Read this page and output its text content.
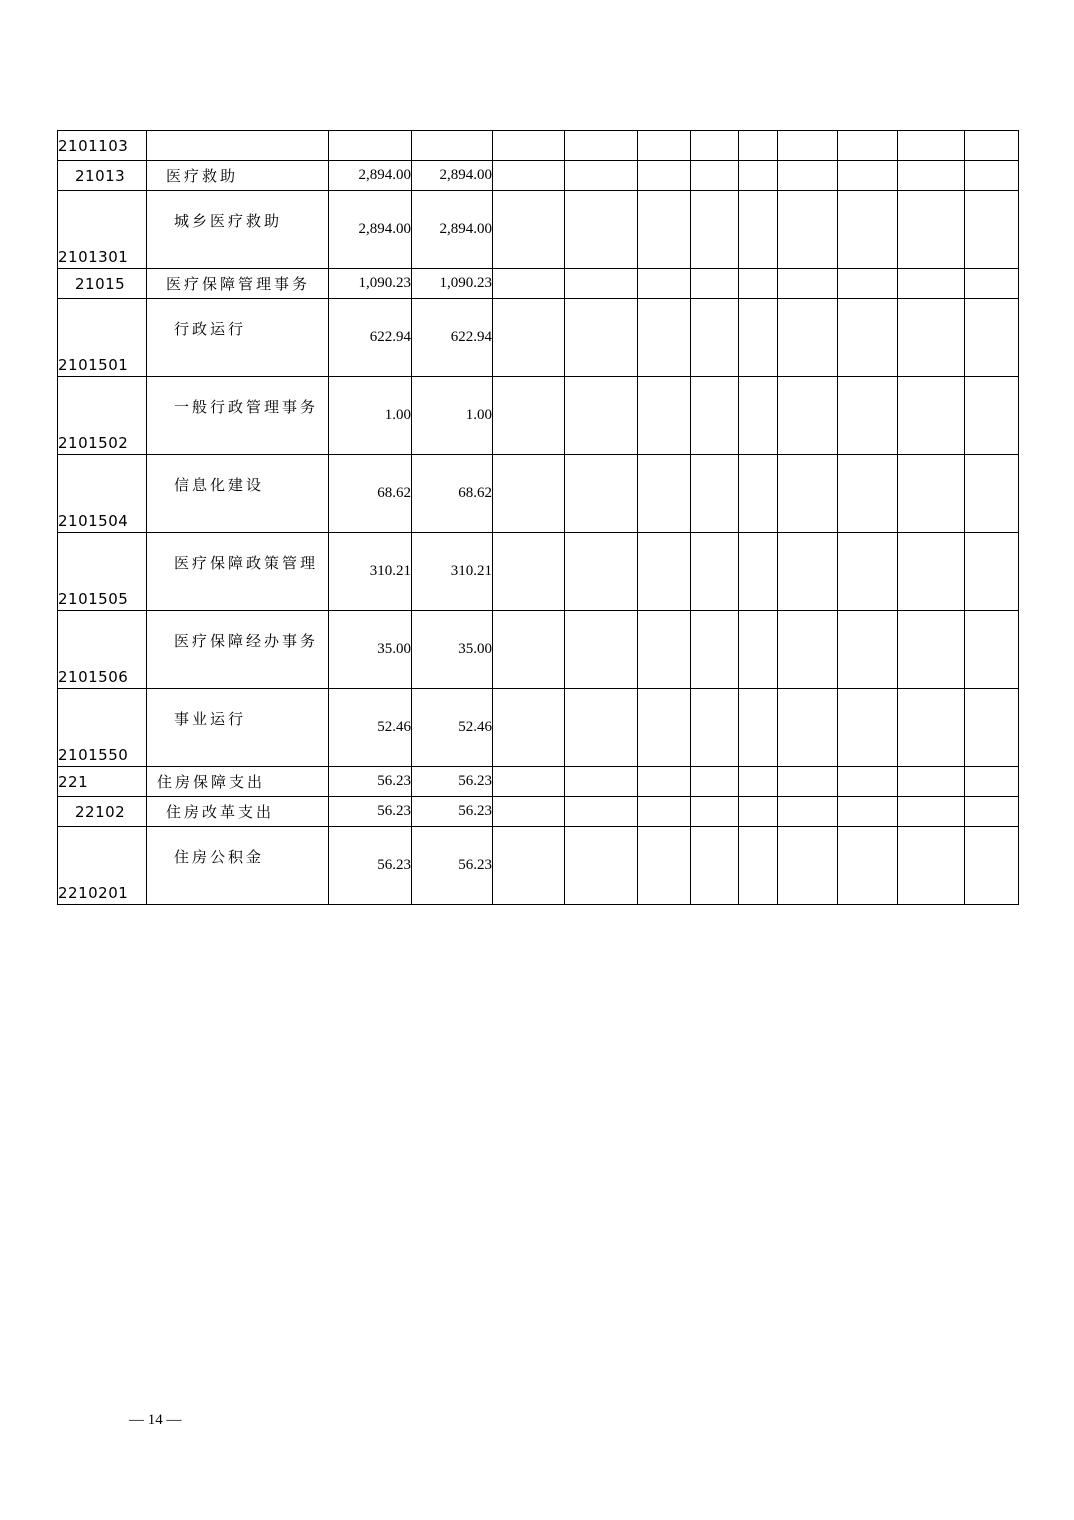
2101103												
21013	医疗救助	2,894.00	2,894.00									
2101301	城乡医疗救助	2,894.00	2,894.00									
21015	医疗保障管理事务	1,090.23	1,090.23									
2101501	行政运行	622.94	622.94									
2101502	一般行政管理事务	1.00	1.00									
2101504	信息化建设	68.62	68.62									
2101505	医疗保障政策管理	310.21	310.21									
2101506	医疗保障经办事务	35.00	35.00									
2101550	事业运行	52.46	52.46									
221	住房保障支出	56.23	56.23									
22102	住房改革支出	56.23	56.23									
2210201	住房公积金	56.23	56.23									
— 14 —
